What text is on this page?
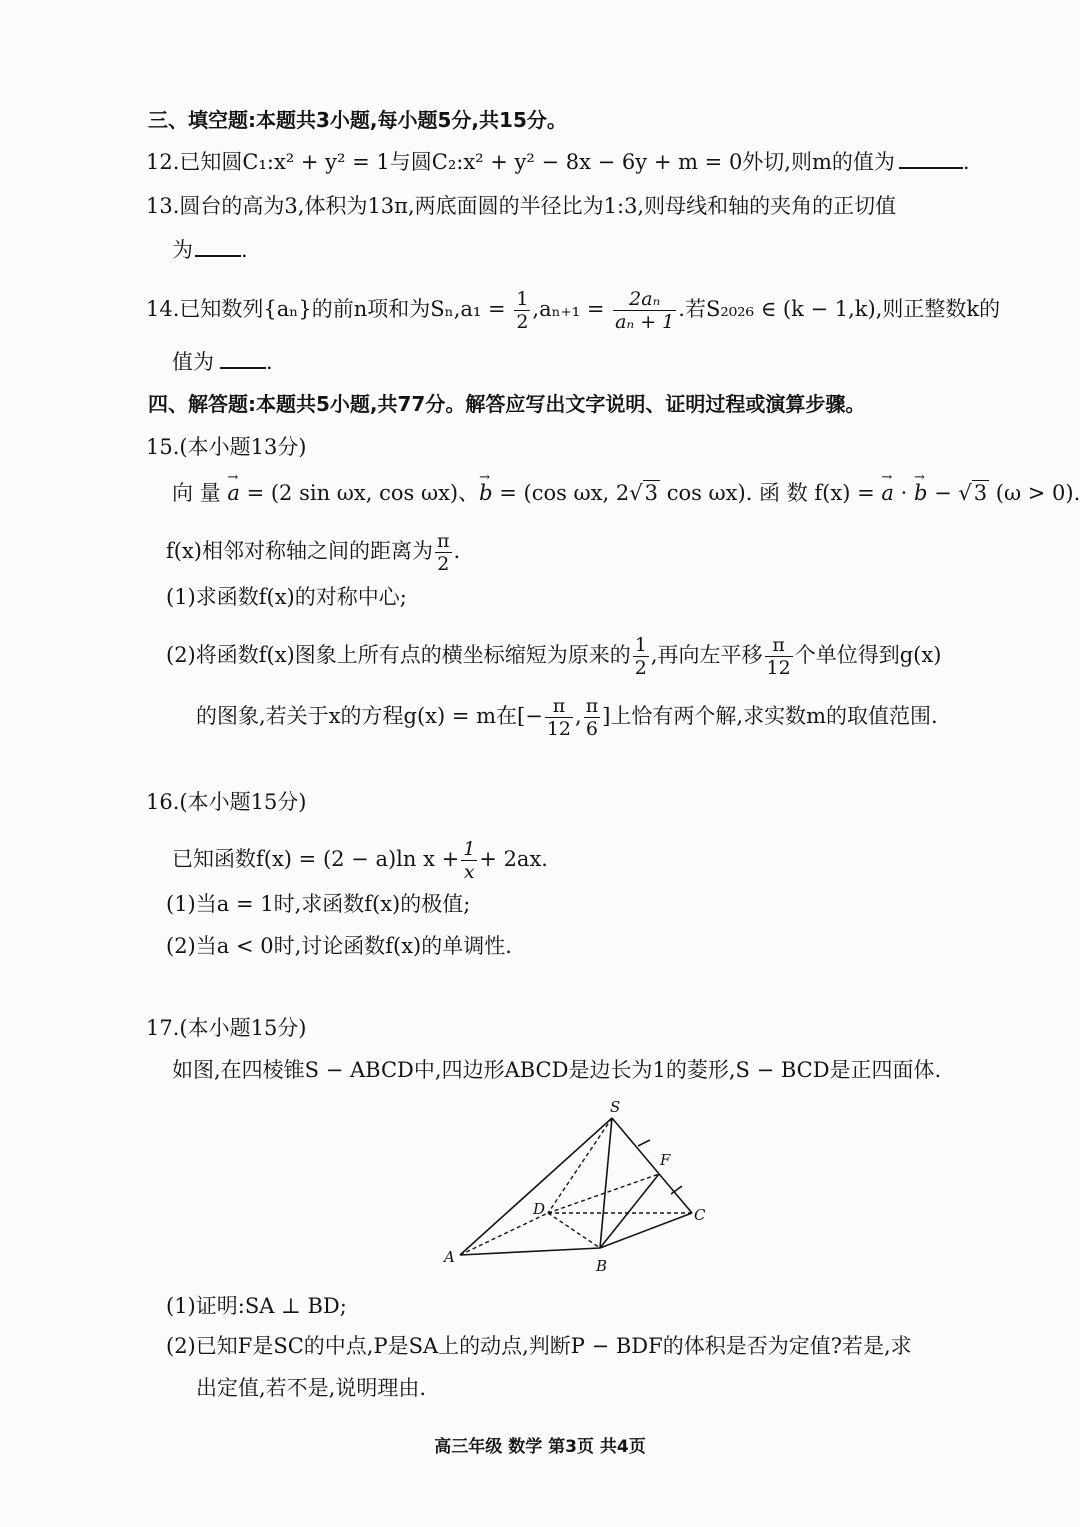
三、填空题:本题共3小题,每小题5分,共15分。
12.已知圆C₁:x² + y² = 1与圆C₂:x² + y² − 8x − 6y + m = 0外切,则m的值为	.
13.圆台的高为3,体积为13π,两底面圆的半径比为1:3,则母线和轴的夹角的正切值
为 .
14.已知数列{aₙ}的前n项和为$S_n,a_1 = \frac{1}{2} ,a_{n+1} = \frac{\text{2aₙ}}{\text{aₙ + 1}}$ .若S₂₀₂₆ ∈ (k − 1,k),则正整数k的
值为 .
四、解答题:本题共5小题,共77分。解答应写出文字说明、证明过程或演算步骤。
15.(本小题13分)
向 量 → a = (2 sin ωx, cos ωx)、→ b = (cos ωx, 2√3 cos ωx). 函 数 f(x) = → a · → b − √3 (ω > 0).
f(x)相邻对称轴之间的距离为 $\frac{\pi}{2}$ .
(1)求函数f(x)的对称中心;
(2)将函数f(x)图象上所有点的横坐标缩短为原来的 $\frac{1}{2}$ ,再向左平移 $\frac{\pi}{12}$ 个单位得到g(x)
的图象,若关于x的方程g(x) = m在[− $\frac{\pi}{12}$ , $\frac{\pi}{6}$ ]上恰有两个解,求实数m的取值范围.
16.(本小题15分)
已知函数f(x) = (2 − a)ln $x + \frac{1}{x} + 2ax$.
(1)当a = 1时,求函数f(x)的极值;
(2)当a < 0时,讨论函数f(x)的单调性.
17.(本小题15分)
如图,在四棱锥S − ABCD中,四边形ABCD是边长为1的菱形,S − BCD是正四面体.
S
F
D	C
A	B
(1)证明:SA ⊥ BD;
(2)已知F是SC的中点,P是SA上的动点,判断P − BDF的体积是否为定值?若是,求
出定值,若不是,说明理由.
高三年级 数学 第3页 共4页
